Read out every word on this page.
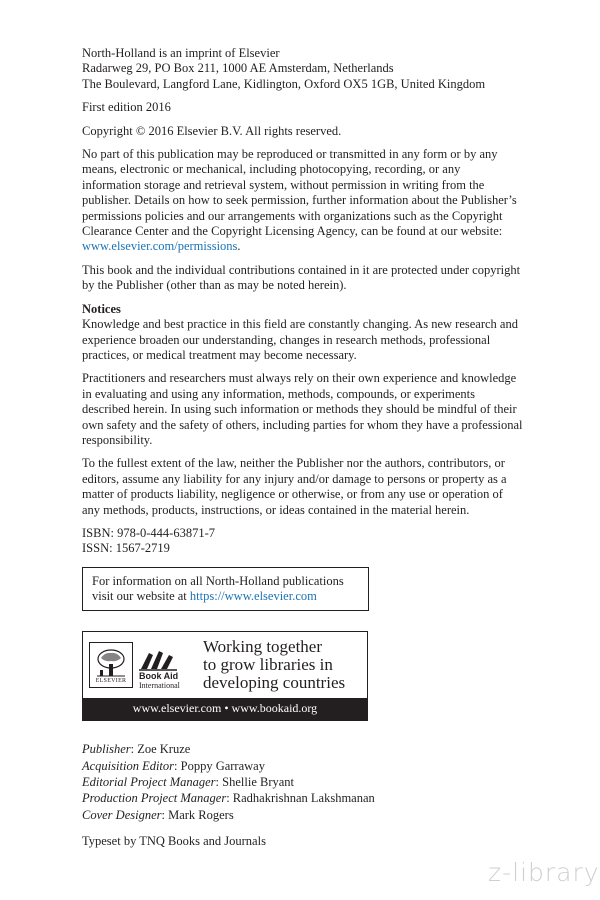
North-Holland is an imprint of Elsevier
Radarweg 29, PO Box 211, 1000 AE Amsterdam, Netherlands
The Boulevard, Langford Lane, Kidlington, Oxford OX5 1GB, United Kingdom

First edition 2016

Copyright © 2016 Elsevier B.V. All rights reserved.

No part of this publication may be reproduced or transmitted in any form or by any
means, electronic or mechanical, including photocopying, recording, or any
information storage and retrieval system, without permission in writing from the
publisher. Details on how to seek permission, further information about the Publisher’s
permissions policies and our arrangements with organizations such as the Copyright
Clearance Center and the Copyright Licensing Agency, can be found at our website:
www.elsevier.com/permissions.

This book and the individual contributions contained in it are protected under copyright
by the Publisher (other than as may be noted herein).

Notices
Knowledge and best practice in this field are constantly changing. As new research and
experience broaden our understanding, changes in research methods, professional
practices, or medical treatment may become necessary.

Practitioners and researchers must always rely on their own experience and knowledge
in evaluating and using any information, methods, compounds, or experiments
described herein. In using such information or methods they should be mindful of their
own safety and the safety of others, including parties for whom they have a professional
responsibility.

To the fullest extent of the law, neither the Publisher nor the authors, contributors, or
editors, assume any liability for any injury and/or damage to persons or property as a
matter of products liability, negligence or otherwise, or from any use or operation of
any methods, products, instructions, or ideas contained in the material herein.

ISBN: 978-0-444-63871-7
ISSN: 1567-2719

For information on all North-Holland publications
visit our website at https://www.elsevier.com
ELSEVIER Book Aid
International
Working together
to grow libraries in
developing countries
www.elsevier.com • www.bookaid.org
Publisher: Zoe Kruze
Acquisition Editor: Poppy Garraway
Editorial Project Manager: Shellie Bryant
Production Project Manager: Radhakrishnan Lakshmanan
Cover Designer: Mark Rogers
Typeset by TNQ Books and Journals
z-library
